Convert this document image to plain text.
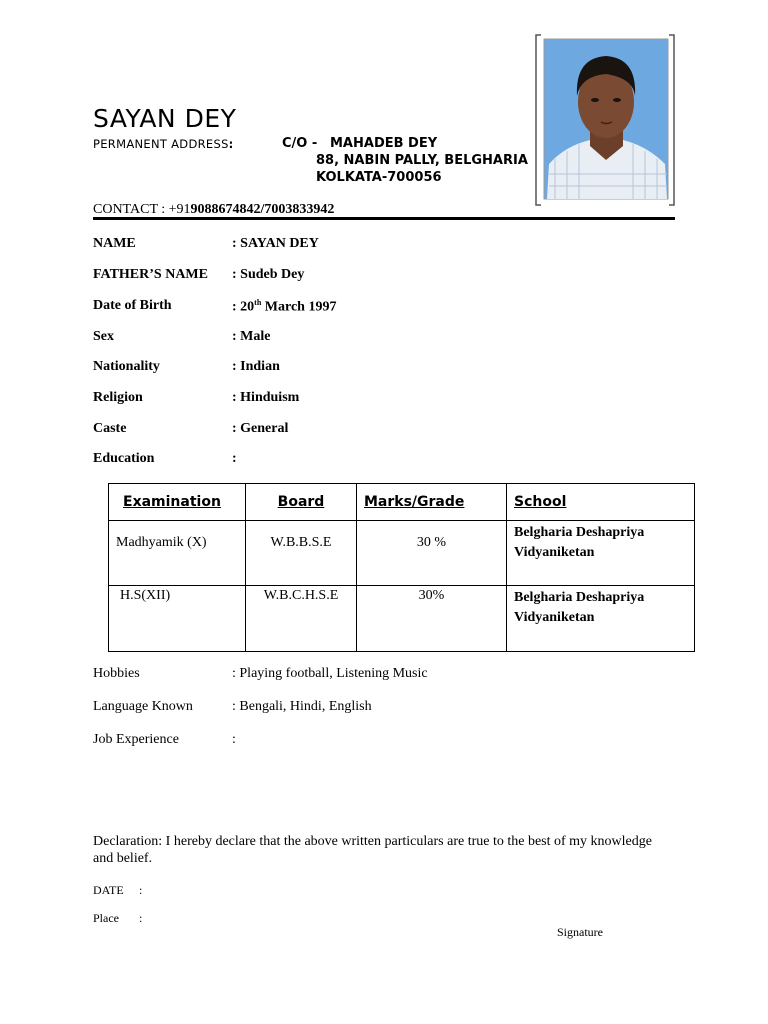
SAYAN DEY
PERMANENT ADDRESS:	C/O - MAHADEB DEY
88, NABIN PALLY, BELGHARIA
KOLKATA-700056
CONTACT : +919088674842/7003833942
NAME	: SAYAN DEY
FATHER’S NAME : Sudeb Dey
Date of Birth	: 20th March 1997
Sex	: Male
Nationality	: Indian
Religion	: Hinduism
Caste	: General
Education	:
Examination	Board	Marks/Grade	School
Madhyamik (X)	W.B.B.S.E	30 %	Belgharia Deshapriya
Vidyaniketan

H.S(XII)	W.B.C.H.S.E	30%	Belgharia Deshapriya
Vidyaniketan
Hobbies	: Playing football, Listening Music
Language Known	: Bengali, Hindi, English
Job Experience	:
Declaration: I hereby declare that the above written particulars are true to the best of my knowledge and belief.
DATE :
Place :
Signature
